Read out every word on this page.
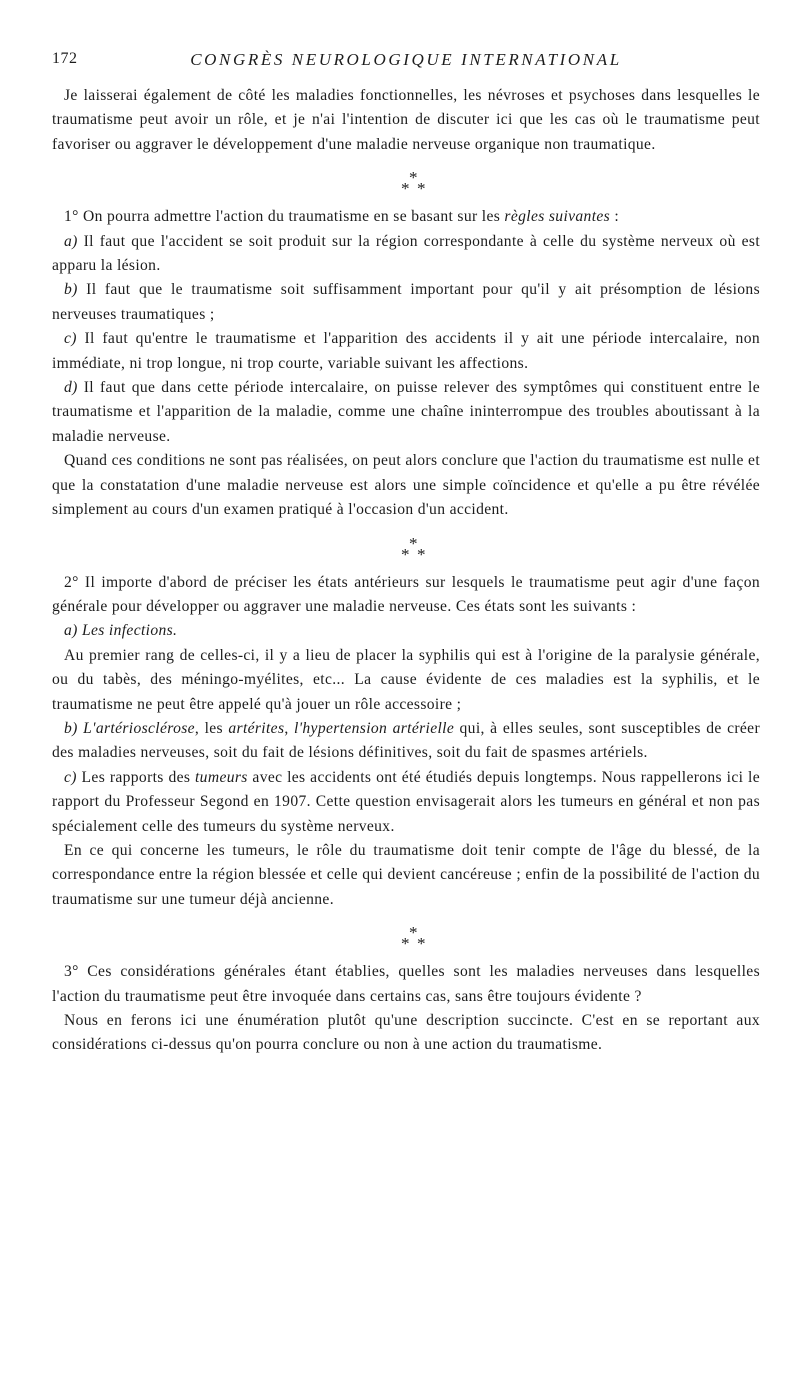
172	CONGRÈS NEUROLOGIQUE INTERNATIONAL

Je laisserai également de côté les maladies fonctionnelles, les névroses et psychoses dans lesquelles le traumatisme peut avoir un rôle, et je n'ai l'intention de discuter ici que les cas où le traumatisme peut favoriser ou aggraver le développement d'une maladie nerveuse organique non traumatique.

*
* *

1° On pourra admettre l'action du traumatisme en se basant sur les règles suivantes :

a) Il faut que l'accident se soit produit sur la région correspondante à celle du système nerveux où est apparu la lésion.

b) Il faut que le traumatisme soit suffisamment important pour qu'il y ait présomption de lésions nerveuses traumatiques ;

c) Il faut qu'entre le traumatisme et l'apparition des accidents il y ait une période intercalaire, non immédiate, ni trop longue, ni trop courte, variable suivant les affections.

d) Il faut que dans cette période intercalaire, on puisse relever des symptômes qui constituent entre le traumatisme et l'apparition de la maladie, comme une chaîne ininterrompue des troubles aboutissant à la maladie nerveuse.

Quand ces conditions ne sont pas réalisées, on peut alors conclure que l'action du traumatisme est nulle et que la constatation d'une maladie nerveuse est alors une simple coïncidence et qu'elle a pu être révélée simplement au cours d'un examen pratiqué à l'occasion d'un accident.

*
* *

2° Il importe d'abord de préciser les états antérieurs sur lesquels le traumatisme peut agir d'une façon générale pour développer ou aggraver une maladie nerveuse. Ces états sont les suivants :

a) Les infections.

Au premier rang de celles-ci, il y a lieu de placer la syphilis qui est à l'origine de la paralysie générale, ou du tabès, des méningo-myélites, etc... La cause évidente de ces maladies est la syphilis, et le traumatisme ne peut être appelé qu'à jouer un rôle accessoire ;

b) L'artériosclérose, les artérites, l'hypertension artérielle qui, à elles seules, sont susceptibles de créer des maladies nerveuses, soit du fait de lésions définitives, soit du fait de spasmes artériels.

c) Les rapports des tumeurs avec les accidents ont été étudiés depuis longtemps. Nous rappellerons ici le rapport du Professeur Segond en 1907. Cette question envisagerait alors les tumeurs en général et non pas spécialement celle des tumeurs du système nerveux.

En ce qui concerne les tumeurs, le rôle du traumatisme doit tenir compte de l'âge du blessé, de la correspondance entre la région blessée et celle qui devient cancéreuse ; enfin de la possibilité de l'action du traumatisme sur une tumeur déjà ancienne.

*
* *

3° Ces considérations générales étant établies, quelles sont les maladies nerveuses dans lesquelles l'action du traumatisme peut être invoquée dans certains cas, sans être toujours évidente ?

Nous en ferons ici une énumération plutôt qu'une description succincte. C'est en se reportant aux considérations ci-dessus qu'on pourra conclure ou non à une action du traumatisme.
